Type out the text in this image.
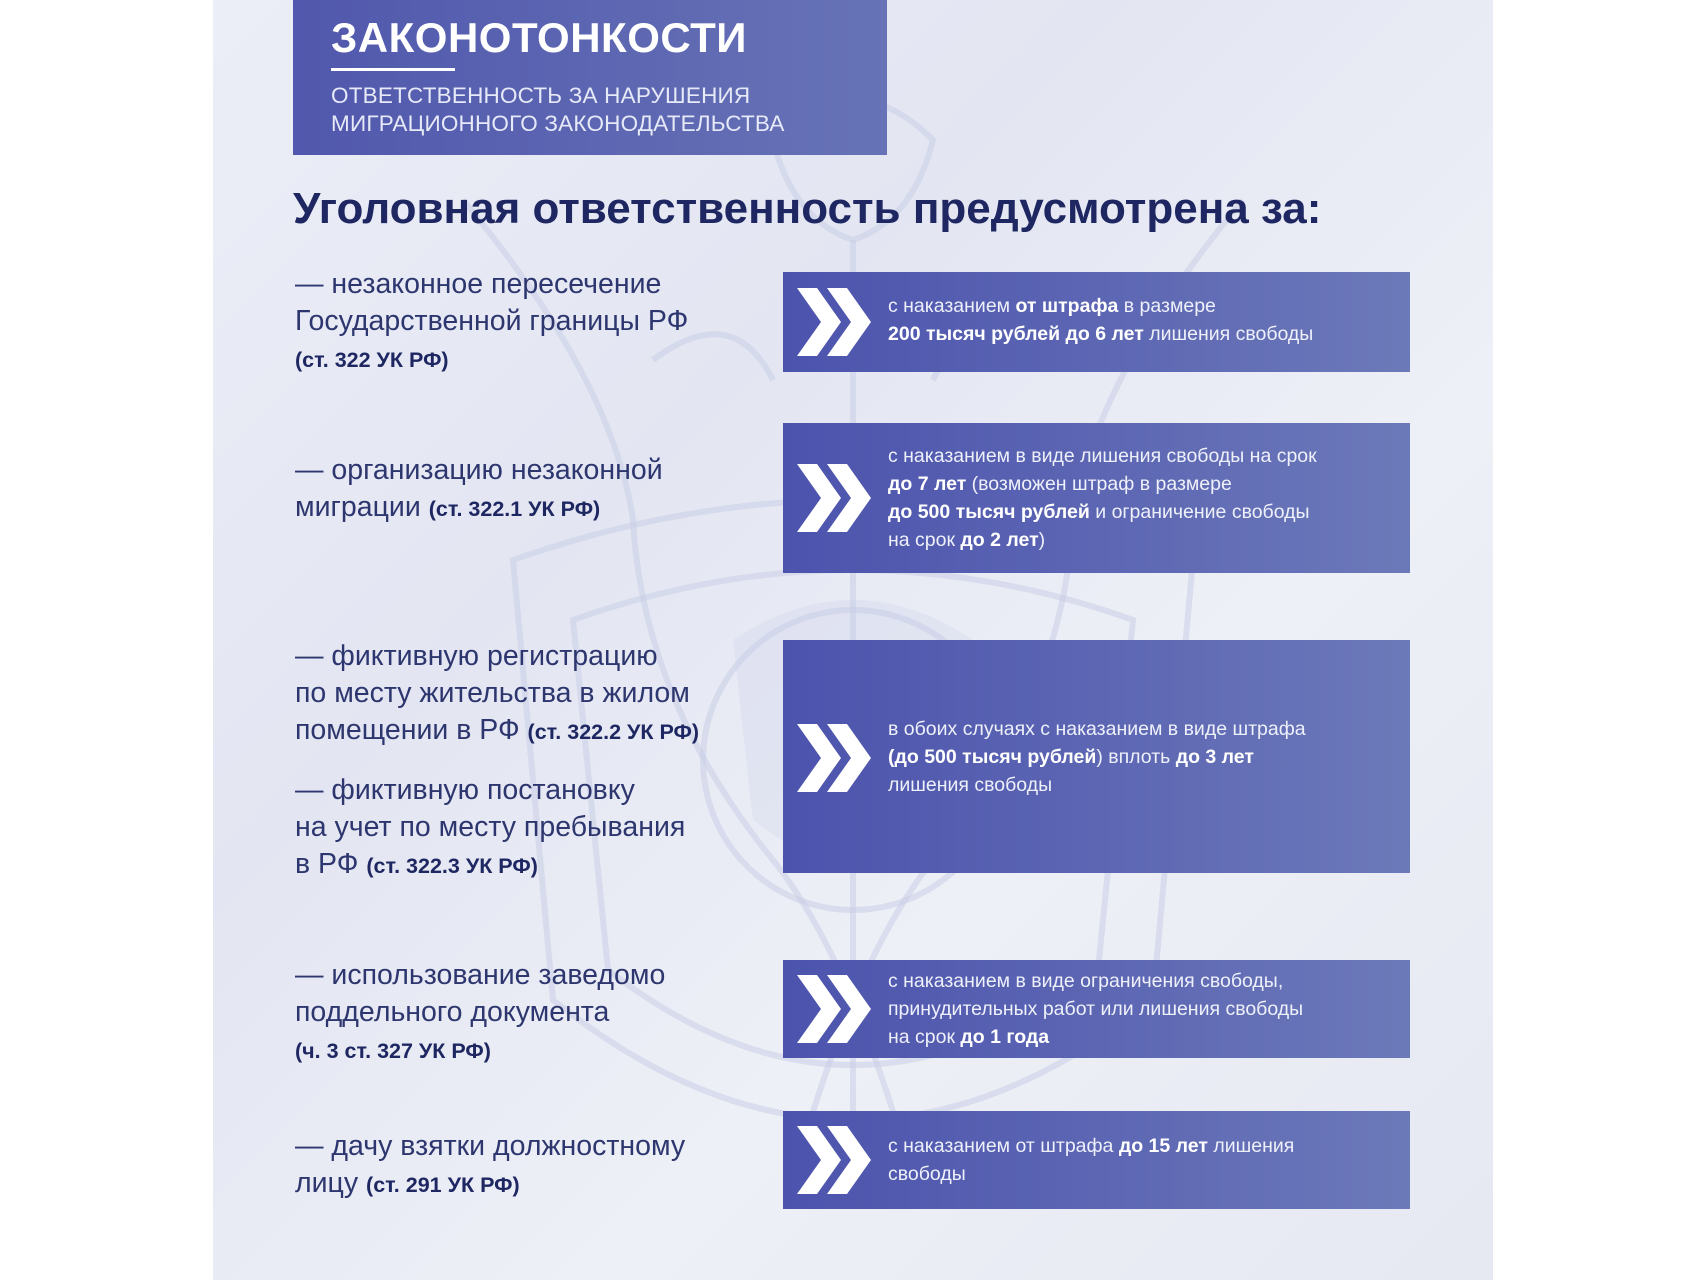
ЗАКОНОТОНКОСТИ
ОТВЕТСТВЕННОСТЬ ЗА НАРУШЕНИЯ
МИГРАЦИОННОГО ЗАКОНОДАТЕЛЬСТВА
Уголовная ответственность предусмотрена за:
— незаконное пересечение
Государственной границы РФ
(ст. 322 УК РФ)
с наказанием от штрафа в размере
200 тысяч рублей до 6 лет лишения свободы
— организацию незаконной
миграции (ст. 322.1 УК РФ)
с наказанием в виде лишения свободы на срок
до 7 лет (возможен штраф в размере
до 500 тысяч рублей и ограничение свободы
на срок до 2 лет)
— фиктивную регистрацию
по месту жительства в жилом
помещении в РФ (ст. 322.2 УК РФ)
— фиктивную постановку
на учет по месту пребывания
в РФ (ст. 322.3 УК РФ)
в обоих случаях с наказанием в виде штрафа
(до 500 тысяч рублей) вплоть до 3 лет
лишения свободы
— использование заведомо
поддельного документа
(ч. 3 ст. 327 УК РФ)
с наказанием в виде ограничения свободы,
принудительных работ или лишения свободы
на срок до 1 года
— дачу взятки должностному
лицу (ст. 291 УК РФ)
с наказанием от штрафа до 15 лет лишения
свободы
